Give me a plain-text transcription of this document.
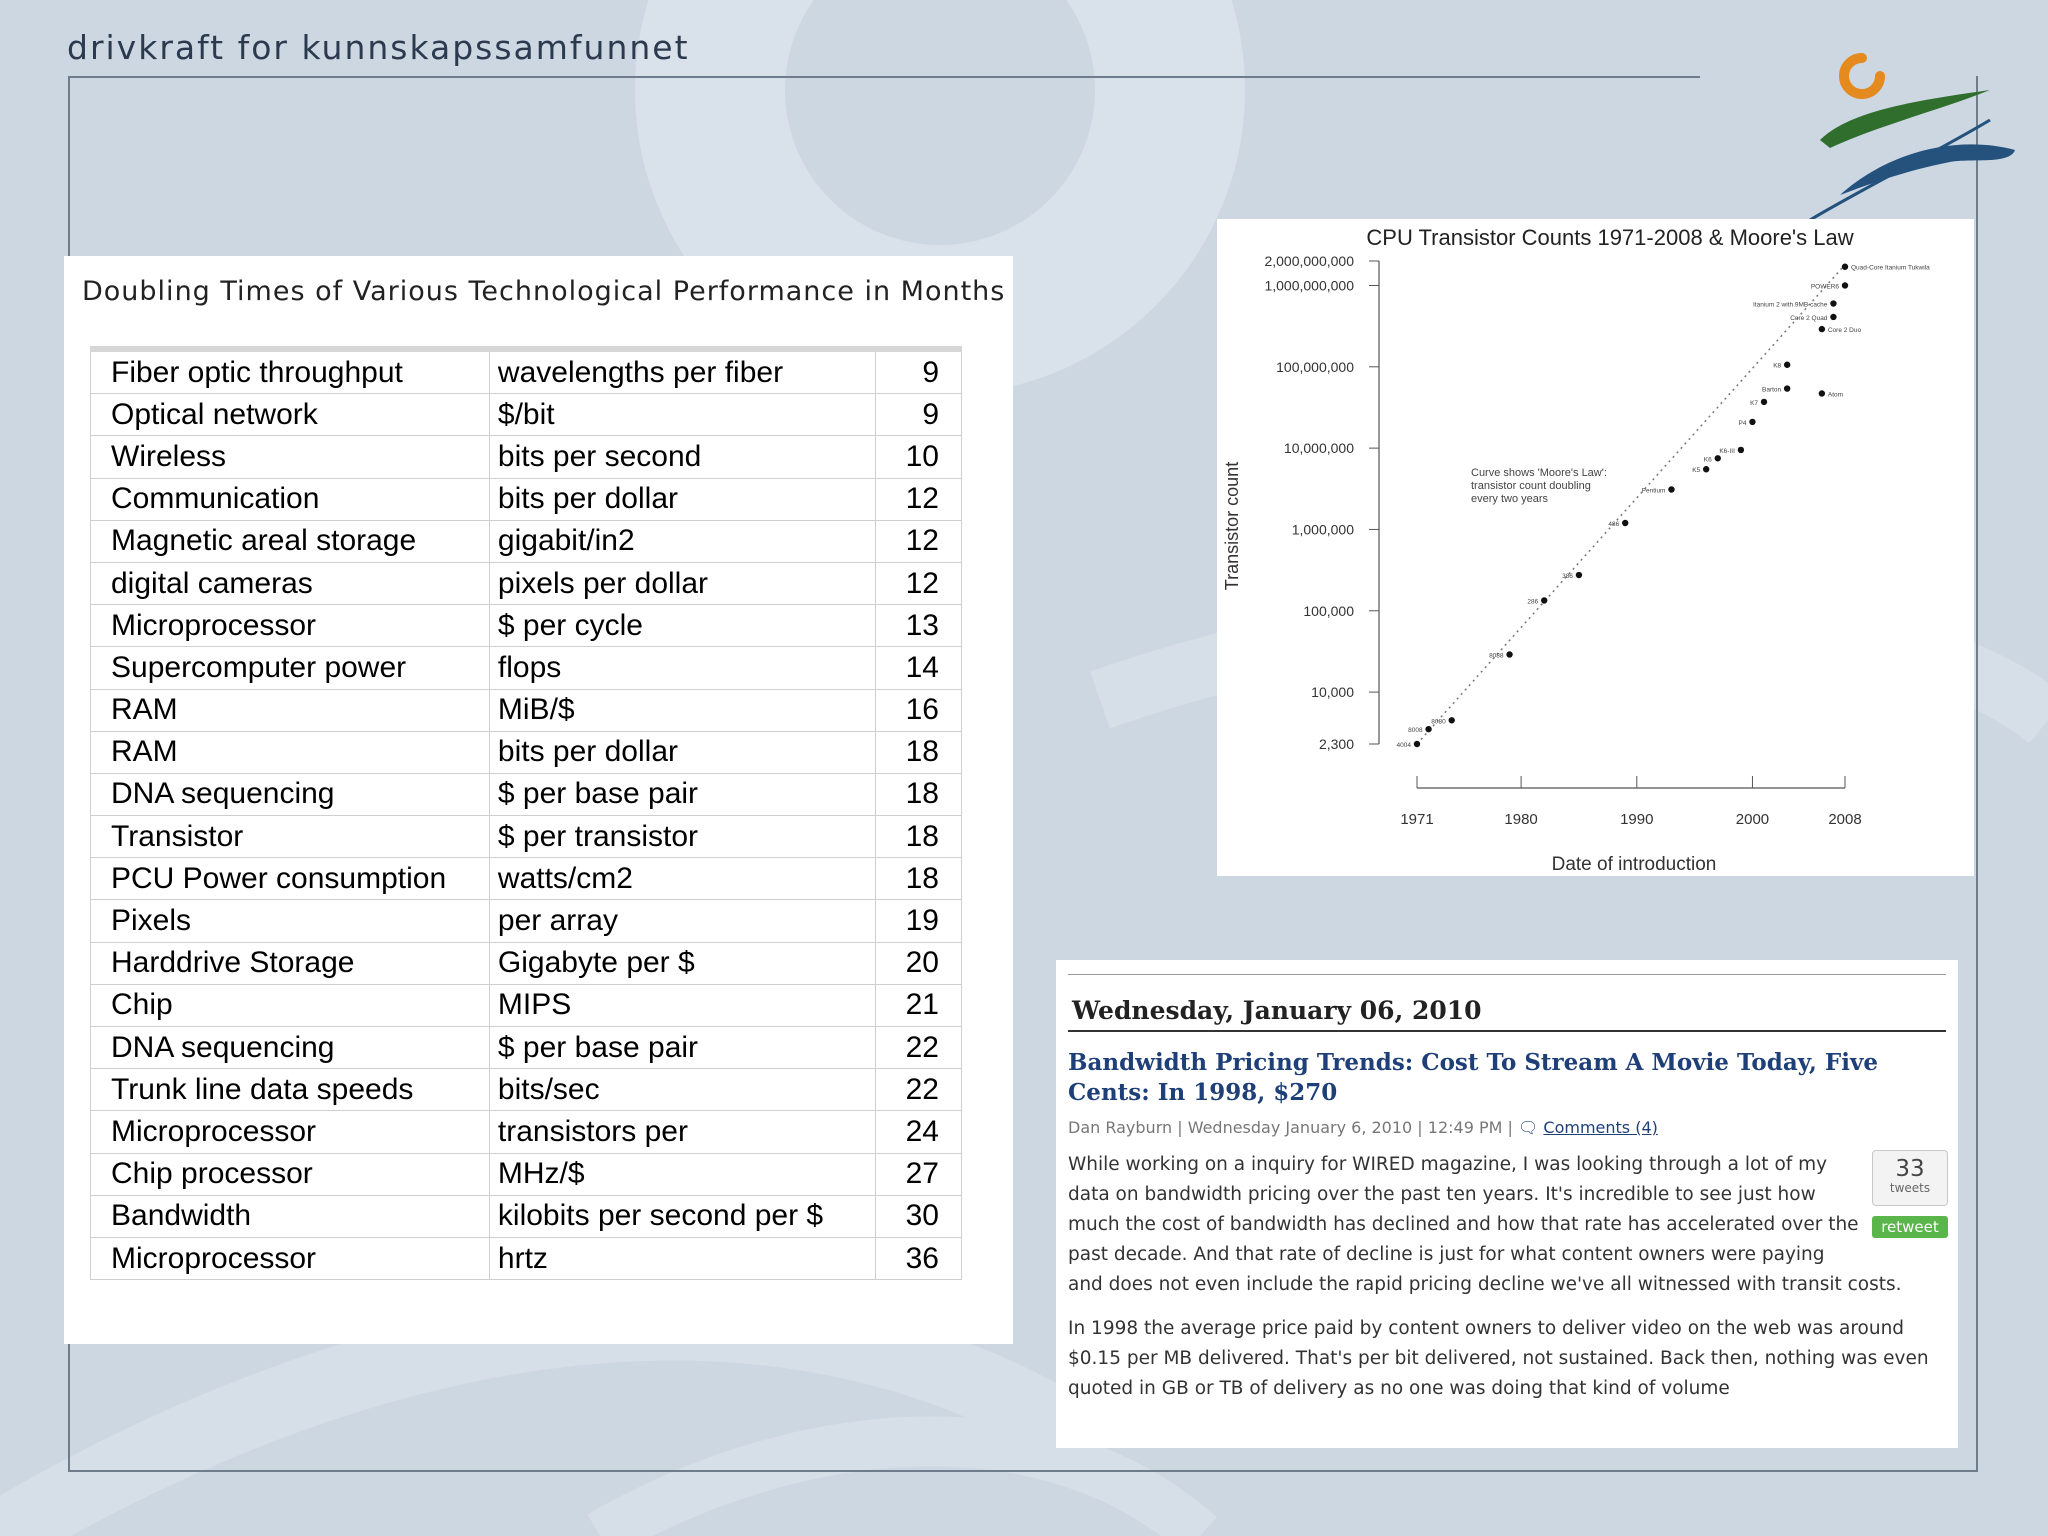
drivkraft for kunnskapssamfunnet
Doubling Times of Various Technological Performance in Months
Fiber optic throughput	wavelengths per fiber	9
Optical network	$/bit	9
Wireless	bits per second	10
Communication	bits per dollar	12
Magnetic areal storage	gigabit/in2	12
digital cameras	pixels per dollar	12
Microprocessor	$ per cycle	13
Supercomputer power	flops	14
RAM	MiB/$	16
RAM	bits per dollar	18
DNA sequencing	$ per base pair	18
Transistor	$ per transistor	18
PCU Power consumption	watts/cm2	18
Pixels	per array	19
Harddrive Storage	Gigabyte per $	20
Chip	MIPS	21
DNA sequencing	$ per base pair	22
Trunk line data speeds	bits/sec	22
Microprocessor	transistors per	24
Chip processor	MHz/$	27
Bandwidth	kilobits per second per $	30
Microprocessor	hrtz	36
CPU Transistor Counts 1971-2008 & Moore's Law
Transistor count
Date of introduction
Curve shows 'Moore's Law':
transistor count doubling
every two years
2,000,000,000
1,000,000,000
100,000,000
10,000,000
1,000,000
100,000
10,000
2,300
1971	1980	1990	2000	2008
4004
8008
8080
8088
286
386
486
Pentium
K5
K6
K6-III
P4
K7
Barton
K8
Core 2 Duo
Atom
Core 2 Quad
Itanium 2 with 9MB cache
POWER6
Quad-Core Itanium Tukwila
Wednesday, January 06, 2010
Bandwidth Pricing Trends: Cost To Stream A Movie Today, Five Cents: In 1998, $270
Dan Rayburn | Wednesday January 6, 2010 | 12:49 PM | 🗨 Comments (4)
33
tweets
retweet

While working on a inquiry for WIRED magazine, I was looking through a lot of my data on bandwidth pricing over the past ten years. It's incredible to see just how much the cost of bandwidth has declined and how that rate has accelerated over the past decade. And that rate of decline is just for what content owners were paying and does not even include the rapid pricing decline we've all witnessed with transit costs.

In 1998 the average price paid by content owners to deliver video on the web was around $0.15 per MB delivered. That's per bit delivered, not sustained. Back then, nothing was even quoted in GB or TB of delivery as no one was doing that kind of volume
